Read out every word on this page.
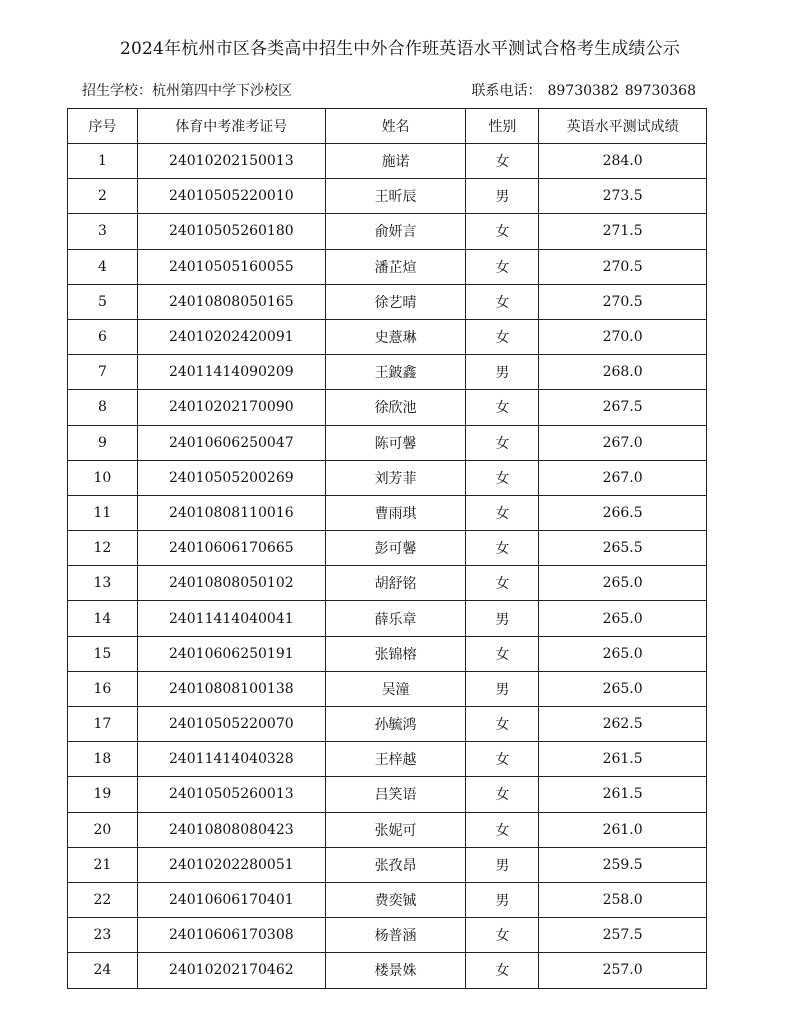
2024年杭州市区各类高中招生中外合作班英语水平测试合格考生成绩公示
招生学校：杭州第四中学下沙校区	联系电话： 89730382 89730368
序号	体育中考准考证号	姓名	性别	英语水平测试成绩
1	24010202150013	施诺	女	284.0
2	24010505220010	王昕辰	男	273.5
3	24010505260180	俞妍言	女	271.5
4	24010505160055	潘芷煊	女	270.5
5	24010808050165	徐艺晴	女	270.5
6	24010202420091	史薏琳	女	270.0
7	24011414090209	王鈹鑫	男	268.0
8	24010202170090	徐欣池	女	267.5
9	24010606250047	陈可馨	女	267.0
10	24010505200269	刘芳菲	女	267.0
11	24010808110016	曹雨琪	女	266.5
12	24010606170665	彭可馨	女	265.5
13	24010808050102	胡舒铭	女	265.0
14	24011414040041	薛乐章	男	265.0
15	24010606250191	张锦榕	女	265.0
16	24010808100138	吴潼	男	265.0
17	24010505220070	孙毓鸿	女	262.5
18	24011414040328	王梓越	女	261.5
19	24010505260013	吕笑语	女	261.5
20	24010808080423	张妮可	女	261.0
21	24010202280051	张孜昂	男	259.5
22	24010606170401	费奕铖	男	258.0
23	24010606170308	杨普涵	女	257.5
24	24010202170462	楼景姝	女	257.0
